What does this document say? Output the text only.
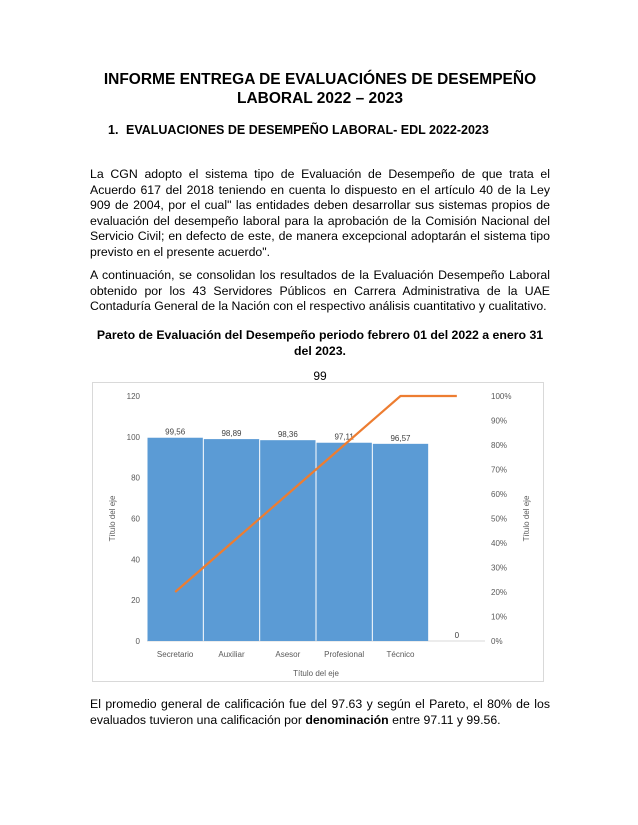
INFORME ENTREGA DE EVALUACIÓNES DE DESEMPEÑO
LABORAL 2022 – 2023
1. EVALUACIONES DE DESEMPEÑO LABORAL- EDL 2022-2023

La CGN adopto el sistema tipo de Evaluación de Desempeño de que trata el Acuerdo 617 del 2018 teniendo en cuenta lo dispuesto en el artículo 40 de la Ley 909 de 2004, por el cual" las entidades deben desarrollar sus sistemas propios de evaluación del desempeño laboral para la aprobación de la Comisión Nacional del Servicio Civil; en defecto de este, de manera excepcional adoptarán el sistema tipo previsto en el presente acuerdo".

A continuación, se consolidan los resultados de la Evaluación Desempeño Laboral obtenido por los 43 Servidores Públicos en Carrera Administrativa de la UAE Contaduría General de la Nación con el respectivo análisis cuantitativo y cualitativo.

Pareto de Evaluación del Desempeño periodo febrero 01 del 2022 a enero 31 del 2023.
99
0
20
40
60
80
100
120
0%
10%
20%
30%
40%
50%
60%
70%
80%
90%
100%
99,56
Secretario
98,89
Auxiliar
98,36
Asesor
97,11
Profesional
96,57
Técnico
0
Título del eje
Título del eje	Título del eje

El promedio general de calificación fue del 97.63 y según el Pareto, el 80% de los evaluados tuvieron una calificación por denominación entre 97.11 y 99.56.
